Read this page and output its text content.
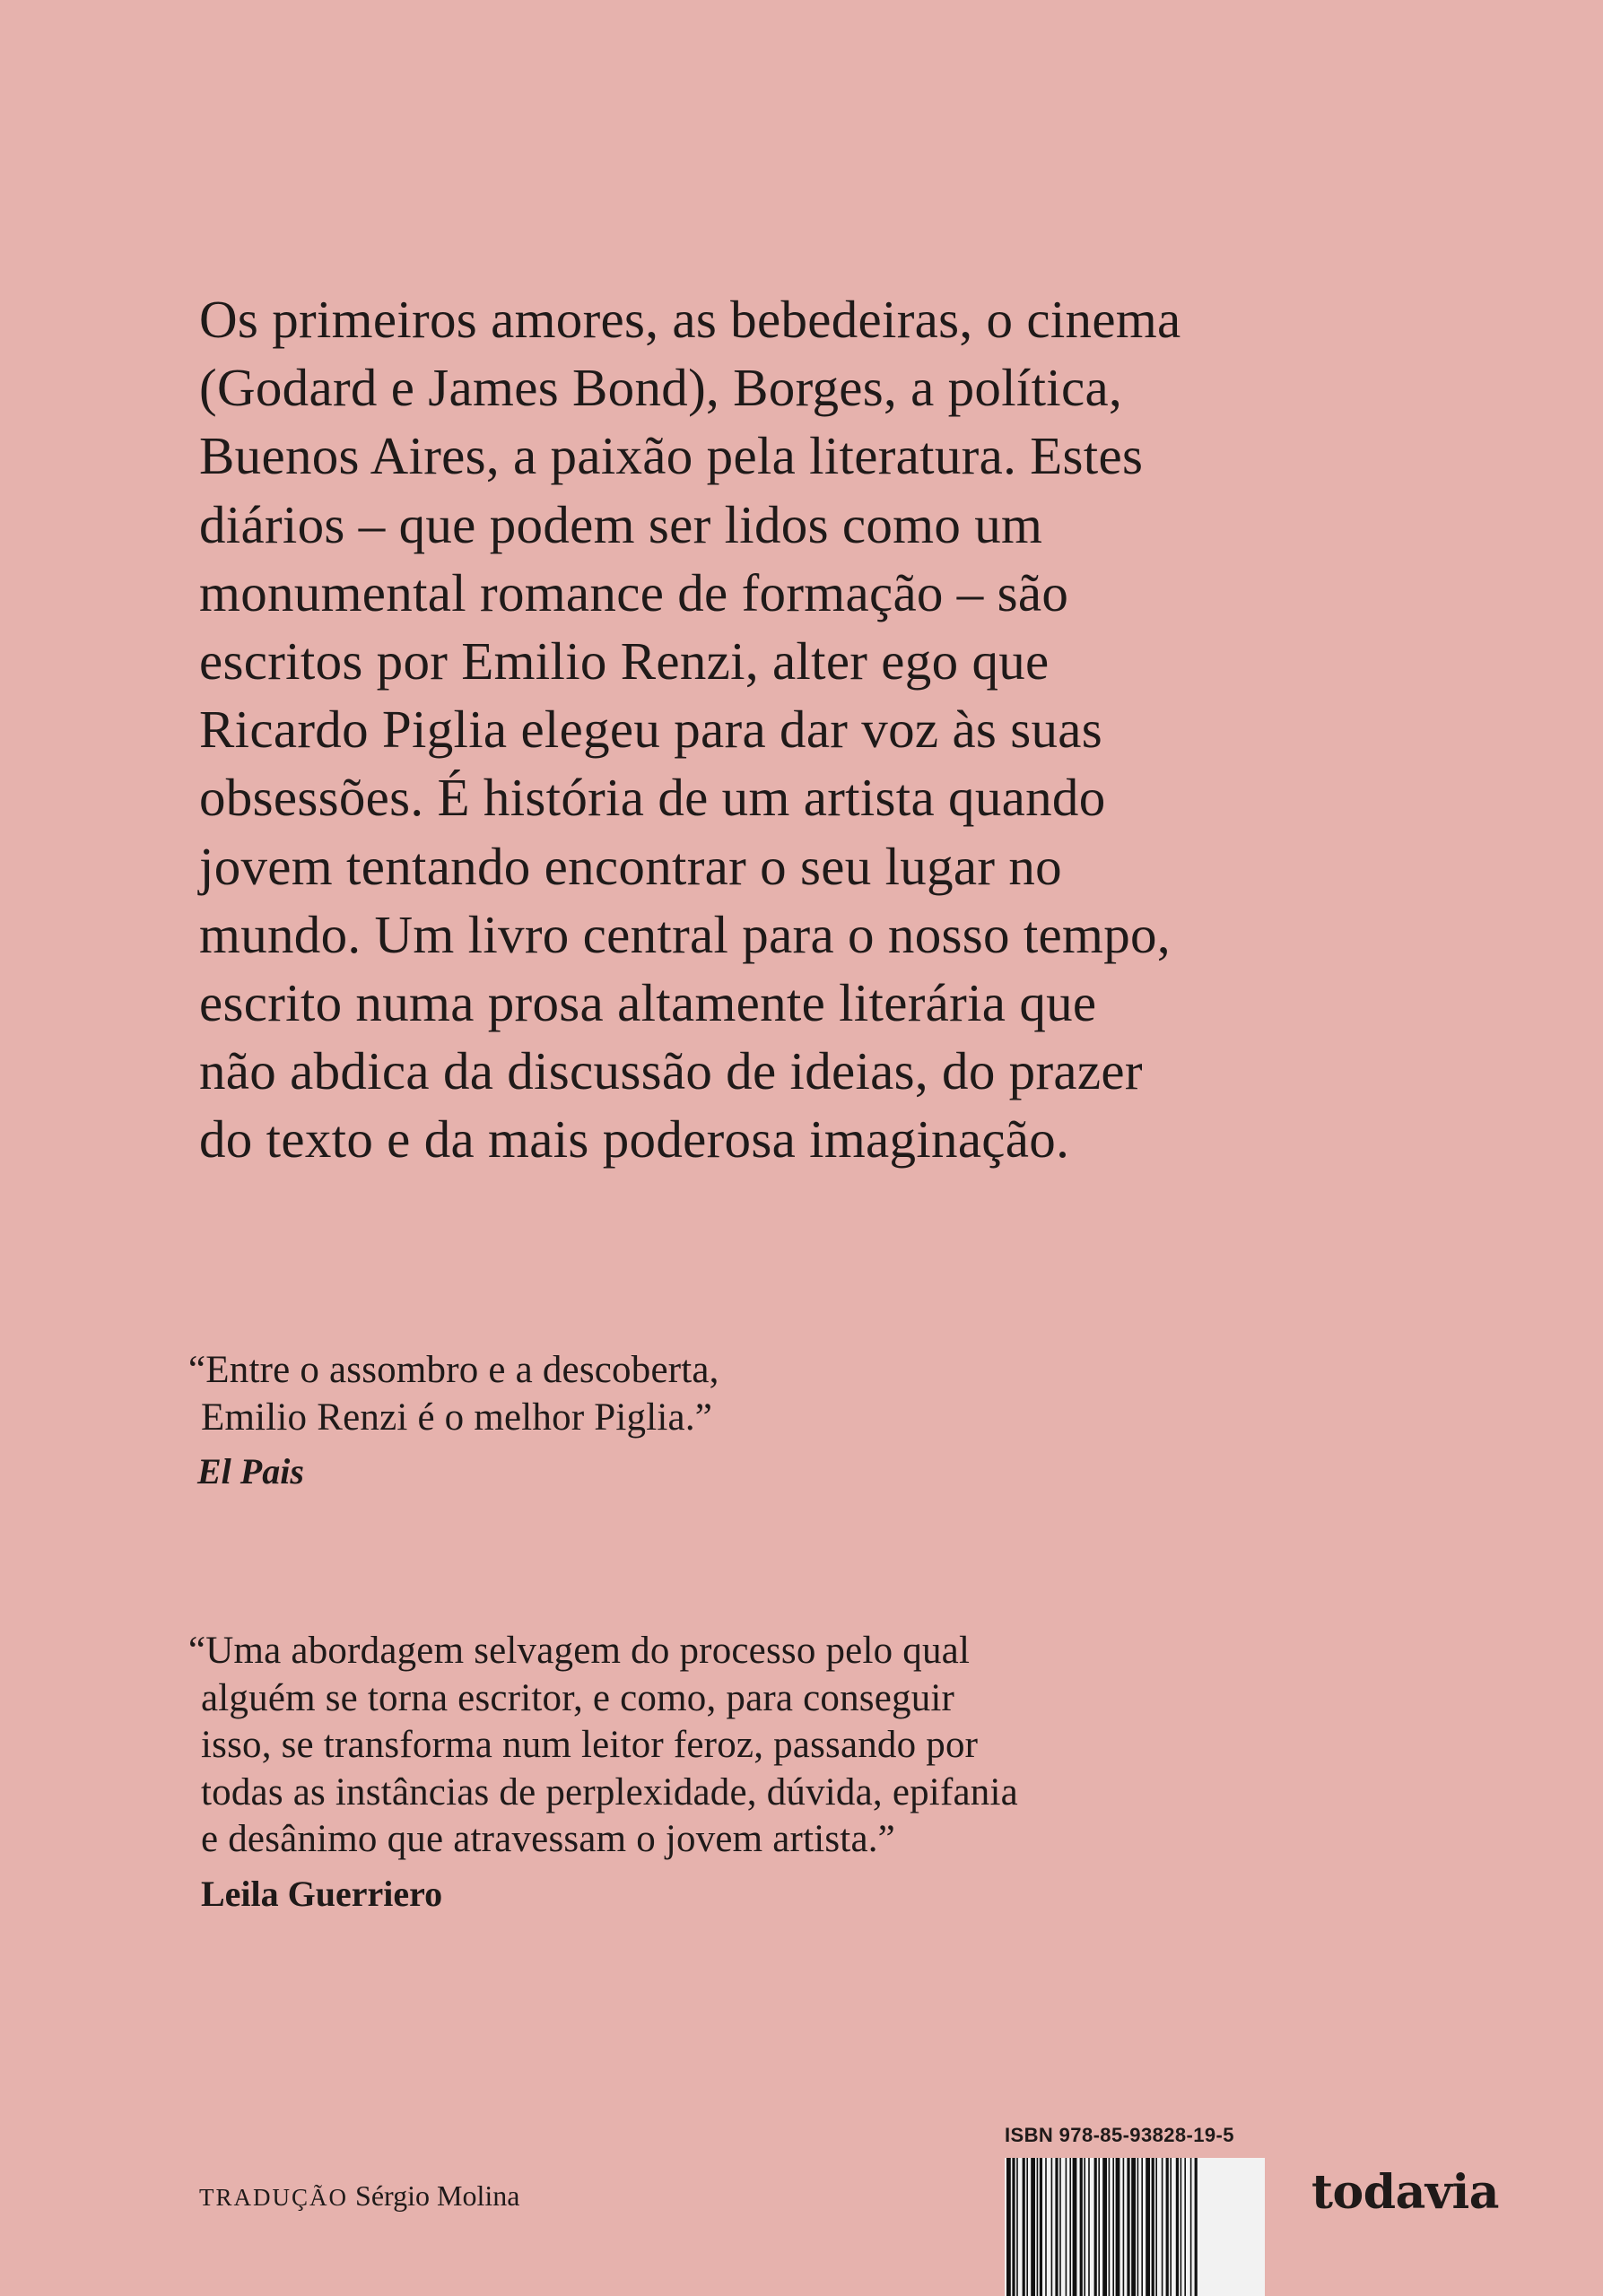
Os primeiros amores, as bebedeiras, o cinema
(Godard e James Bond), Borges, a política,
Buenos Aires, a paixão pela literatura. Estes
diários – que podem ser lidos como um
monumental romance de formação – são
escritos por Emilio Renzi, alter ego que
Ricardo Piglia elegeu para dar voz às suas
obsessões. É história de um artista quando
jovem tentando encontrar o seu lugar no
mundo. Um livro central para o nosso tempo,
escrito numa prosa altamente literária que
não abdica da discussão de ideias, do prazer
do texto e da mais poderosa imaginação.
“Entre o assombro e a descoberta,
Emilio Renzi é o melhor Piglia.”
El Pais
“Uma abordagem selvagem do processo pelo qual
alguém se torna escritor, e como, para conseguir
isso, se transforma num leitor feroz, passando por
todas as instâncias de perplexidade, dúvida, epifania
e desânimo que atravessam o jovem artista.”
Leila Guerriero
TRADUÇÃO Sérgio Molina
ISBN 978-85-93828-19-5
todavia
